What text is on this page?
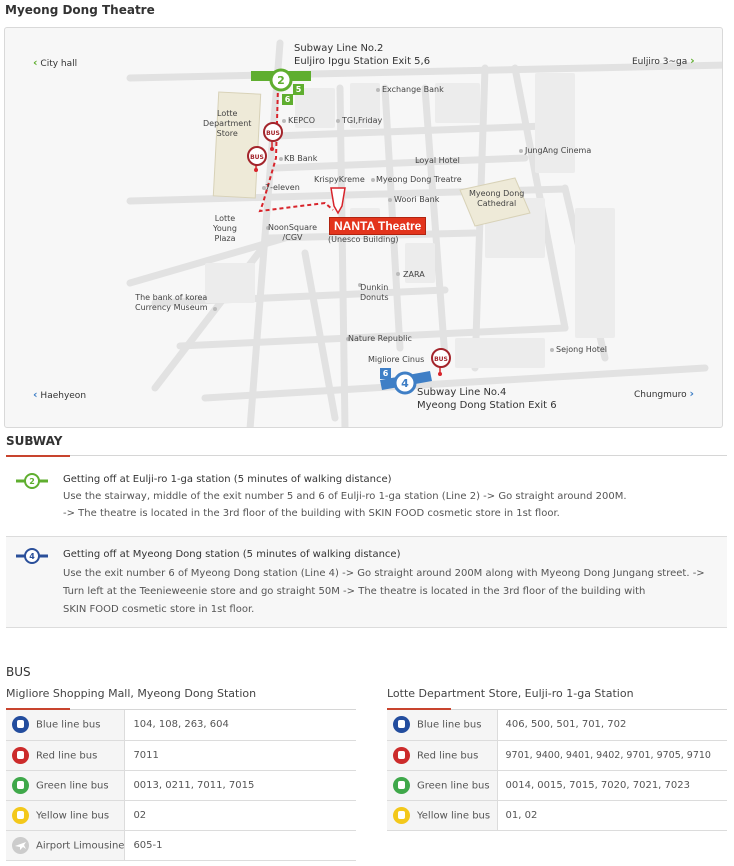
Myeong Dong Theatre
2
5
6
4
6
BUS
BUS
BUS
‹ City hall	Euljiro 3~ga ›
‹ Haehyeon	Chungmuro ›
Subway Line No.2
Euljiro Ipgu Station Exit 5,6
Subway Line No.4
Myeong Dong Station Exit 6
Exchange Bank
KEPCO	TGI,Friday
Lotte
Department
Store
KB Bank	Loyal Hotel
JungAng Cinema
7-eleven
KrispyKreme Myeong Dong Treatre
Myeong Dong
Cathedral
Woori Bank
Lotte
Young
Plaza
NoonSquare
/CGV	(Unesco Building)
ZARA
Dunkin
Donuts
The bank of korea
Currency Museum
Nature Republic
Migliore Cinus
Sejong Hotel
NANTA Theatre
SUBWAY
2	Getting off at Eulji-ro 1-ga station (5 minutes of walking distance)
Use the stairway, middle of the exit number 5 and 6 of Eulji-ro 1-ga station (Line 2) -> Go straight around 200M.
-> The theatre is located in the 3rd floor of the building with SKIN FOOD cosmetic store in 1st floor.
4	Getting off at Myeong Dong station (5 minutes of walking distance)
Use the exit number 6 of Myeong Dong station (Line 4) -> Go straight around 200M along with Myeong Dong Jungang street. ->
Turn left at the Teenieweenie store and go straight 50M -> The theatre is located in the 3rd floor of the building with
SKIN FOOD cosmetic store in 1st floor.
BUS
Migliore Shopping Mall, Myeong Dong Station
Blue line bus	104, 108, 263, 604
Red line bus	7011
Green line bus	0013, 0211, 7011, 7015
Yellow line bus	02

Airport Limousine	605-1
Lotte Department Store, Eulji-ro 1-ga Station
Blue line bus	406, 500, 501, 701, 702
Red line bus	9701, 9400, 9401, 9402, 9701, 9705, 9710
Green line bus	0014, 0015, 7015, 7020, 7021, 7023
Yellow line bus	01, 02
